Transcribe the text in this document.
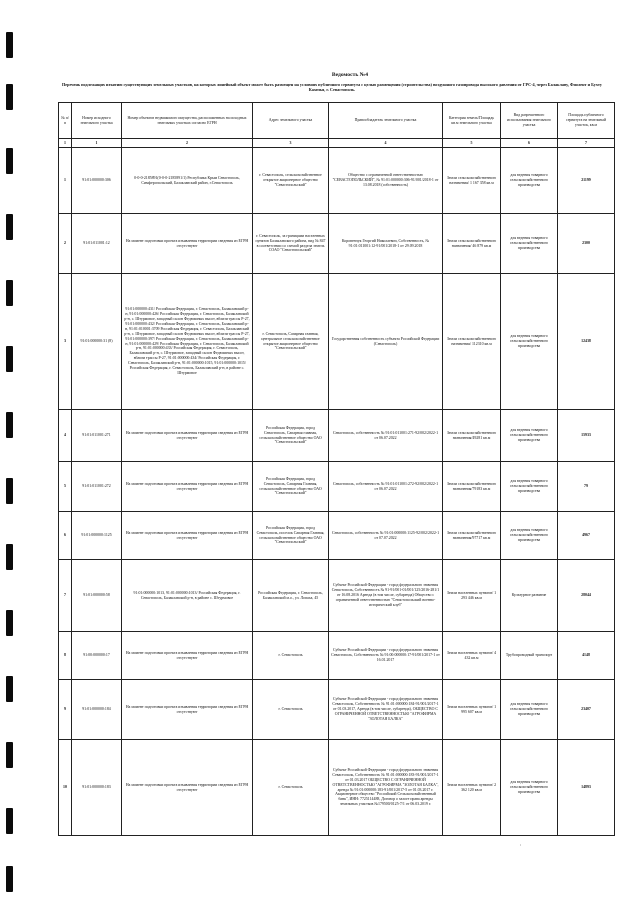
Ведомость №4
Перечень подлежащих изъятию существующих земельных участков, на которых линейный объект может быть размещен на условиях публичного сервитута с целью размещения (строительства) воздушного газопровода высокого давления от ГРС-4, через Балаклаву, Фиолент и Бухту Казачья, г. Севастополь.
№ п/п	Номер исходного земельного участка	Номер объектов недвижимого имущества, расположенных на исходных земельных участках согласно ЕГРН	Адрес земельного участка	Правообладатель земельного участка	Категория земель/Площадь кв.м земельного участка	Вид разрешенного использования земельного участка	Площадь публичного сервитута на земельный участок, кв.м
1	1	2	3	4	5	6	7
1	91:01:000000:306	0-0-0-2185891(0-0-0-2185891/1) Республика Крым Севастополь, Симферопольский, Балаклавский район, г.Севастополь	г. Севастополь, сельскохозяйственное открытое акционерное общество "Севастопольский"	Общество с ограниченной ответственностью "СЕВАСТОПОЛЬСКИЙ", № 91:01:000000:306-91/001/2018-1 от 13.08.2018 (собственность)	Земли сельскохозяйственного назначения/ 1 167 358 кв.м	для ведения товарного сельскохозяйственного производства	21199
2	91:01:011001:12	На момент подготовки проекта изъявления территории сведения из ЕГРН отсутствуют	г. Севастополь, за границами населенных пунктов Балаклавского района, вид № 847 в соответствии со схемой раздела земель СОАО "Севастопольский"	Коровенчук Георгий Николаевич, Собственность, № 91:01:011001:12-91/001/2018-1 от 29.09.2018	Земли сельскохозяйственного назначения/ 46 879 кв.м	для ведения товарного сельскохозяйственного производства	2300
3	91:01:000000:31 (8)	91:01:000000:431/ Российская Федерация, г. Севастополь, Балаклавский р-н, 91:01:000000:426/ Российская Федерация, г. Севастополь, Балаклавский р-н, с. Штурмовое, западный склон Федюхиных высот, вблизи трассы Р-27, 91:01:000000:432/ Российская Федерация, г. Севастополь, Балаклавский р-н, 91:01:010001:3709 Российская Федерация, г. Севастополь, Балаклавский р-н, с. Штурмовое, западный склон Федюхиных высот, вблизи трассы Р-27, 91:01:000000:397/ Российская Федерация, г. Севастополь, Балаклавский р-н, 91:01:000000:429/ Российская Федерация, г. Севастополь, Балаклавский р-н, 91:01:000000:433/ Российская Федерация, г. Севастополь, Балаклавский р-н, с. Штурмовое, западный склон Федюхиных высот, вблизи трассы Р-27, 91:01:000000:434/ Российская Федерация, г. Севастополь, Балаклавский р-н, 91:01:000000:1015, 91:01:000000:1015/Российская Федерация, г. Севастополь, Балаклавский р-н, в районе с. Штурмовое	г. Севастополь, Сапарная главная, центральное сельскохозяйственное открытое акционерное общество "Севастопольский"	Государственная собственность субъекта Российской Федерации (Севастополь)	Земли сельскохозяйственного назначения/ 112310 кв.м	для ведения товарного сельскохозяйственного производства	12438
4	91:01:011001:271	На момент подготовки проекта изъявления территории сведения из ЕГРН отсутствуют	Российская Федерация, город Севастополь, Сапарная главная, сельскохозяйственное общество ОАО "Севастопольский"	Севастополь, собственность № 91:01:011001:271-92/002/2022-1 от 06.07.2022	Земли сельскохозяйственного назначения/49281 кв.м	для ведения товарного сельскохозяйственного производства	15933
5	91:01:011001:272	На момент подготовки проекта изъявления территории сведения из ЕГРН отсутствуют	Российская Федерация, город Севастополь, Сапарная Главная, сельскохозяйственное общество ОАО "Севастопольский"	Севастополь, собственность № 91:01:011001:272-92/002/2022-1 от 06.07.2022	Земли сельскохозяйственного назначения/79183 кв.м	для ведения товарного сельскохозяйственного производства	79
6	91:01:000000:1125	На момент подготовки проекта изъявления территории сведения из ЕГРН отсутствуют	Российская Федерация, город Севастополь, поселок Сапарная Главная, сельскохозяйственное общество ОАО "Севастопольский"	Севастополь, собственность № 91:01:000000:1125-92/002/2022-1 от 07.07.2022	Земли сельскохозяйственного назначения/97717 кв.м	для ведения товарного сельскохозяйственного производства	4967
7	91:01:000000:58	91:01:000000:1013, 91:01:000000:1013/ Российская Федерация, г. Севастополь, Балаклавский р-н, в районе с. Штурмовое	Российская Федерация, г. Севастополь, Балаклавский м.о., ул. Лопаха, 45	Субъект Российской Федерации - город федерального значения Севастополь, Собственность № 91-91/001-01/001/125/2016-281/1 от 16.08.2016 Аренда (в том числе, субаренда) Общество с ограниченной ответственностью "Севастопольский военно-исторический клуб"	Земли населенных пунктов/ 1 293 446 кв.м	Культурное развитие	28044
8	91:00:000000:17	На момент подготовки проекта изъявления территории сведения из ЕГРН отсутствуют	г. Севастополь	Субъект Российской Федерации - город федерального значения Севастополь, Собственность № 91:00:000000:17-91/001/2017-1 от 16.01.2017	Земли населенных пунктов/ 4 432 кв.м	Трубопроводный транспорт	4148
9	91:01:000000:184	На момент подготовки проекта изъявления территории сведения из ЕГРН отсутствуют	г. Севастополь	Субъект Российской Федерации - город федерального значения Севастополь, Собственность № 91:01:000000:184-91/001/2017-1 от 01.03.2017, Аренда (в том числе, субаренда), ОБЩЕСТВО С ОГРАНИЧЕННОЙ ОТВЕТСТВЕННОСТЬЮ "АГРОФИРМА "ЗОЛОТАЯ БАЛКА"	Земли населенных пунктов/ 1 995 607 кв.м	для ведения товарного сельскохозяйственного производства	23407
10	91:01:000000:183	На момент подготовки проекта изъявления территории сведения из ЕГРН отсутствуют	г. Севастополь	Субъект Российской Федерации - город федерального значения Севастополь, Собственность № 91:01:000000:183-91/001/2017-1 от 01.03.2017 ОБЩЕСТВО С ОГРАНИЧЕННОЙ ОТВЕТСТВЕННОСТЬЮ "АГРОФИРМА "ЗОЛОТАЯ БАЛКА", аренда № 91:01:000000:183-91/001/2017-5 от 01.03.2017 г. Акционерное общество "Российский Сельскохозяйственный банк", ИНН: 7725114488, Договор о залоге права аренды земельных участков №179500/0125-7/1 от 06.03.2019 г.	Земли населенных пунктов/ 2 362 120 кв.м	для ведения товарного сельскохозяйственного производства	14893
,
